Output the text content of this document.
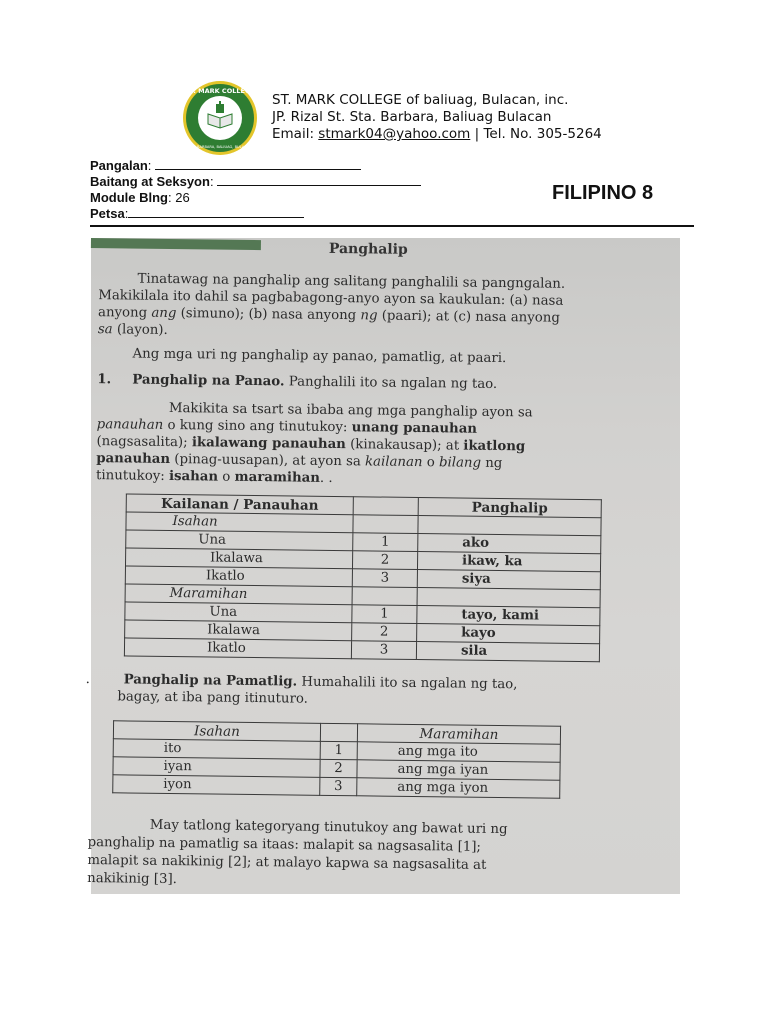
ST. MARK COLLEGE
STA. BARBARA, BALIUAG, BULACAN
ST. MARK COLLEGE of baliuag, Bulacan, inc.
JP. Rizal St. Sta. Barbara, Baliuag Bulacan
Email: stmark04@yahoo.com | Tel. No. 305-5264
Pangalan:
Baitang at Seksyon:
Module Blng: 26
Petsa:
FILIPINO 8
Panghalip
Tinatawag na panghalip ang salitang panghalili sa pangngalan.
Makikilala ito dahil sa pagbabagong-anyo ayon sa kaukulan: (a) nasa
anyong ang (simuno); (b) nasa anyong ng (paari); at (c) nasa anyong
sa (layon).
Ang mga uri ng panghalip ay panao, pamatlig, at paari.
1. Panghalip na Panao. Panghalili ito sa ngalan ng tao.
Makikita sa tsart sa ibaba ang mga panghalip ayon sa
panauhan o kung sino ang tinutukoy: unang panauhan
(nagsasalita); ikalawang panauhan (kinakausap); at ikatlong
panauhan (pinag-uusapan), at ayon sa kailanan o bilang ng
tinutukoy: isahan o maramihan. .
Kailanan / Panauhan		Panghalip
Isahan		
Una	1	ako
Ikalawa	2	ikaw, ka
Ikatlo	3	siya
Maramihan		
Una	1	tayo, kami
Ikalawa	2	kayo
Ikatlo	3	sila
.	Panghalip na Pamatlig. Humahalili ito sa ngalan ng tao,
bagay, at iba pang itinuturo.
Isahan		Maramihan
ito	1	ang mga ito
iyan	2	ang mga iyan
iyon	3	ang mga iyon
May tatlong kategoryang tinutukoy ang bawat uri ng
panghalip na pamatlig sa itaas: malapit sa nagsasalita [1];
malapit sa nakikinig [2]; at malayo kapwa sa nagsasalita at
nakikinig [3].
